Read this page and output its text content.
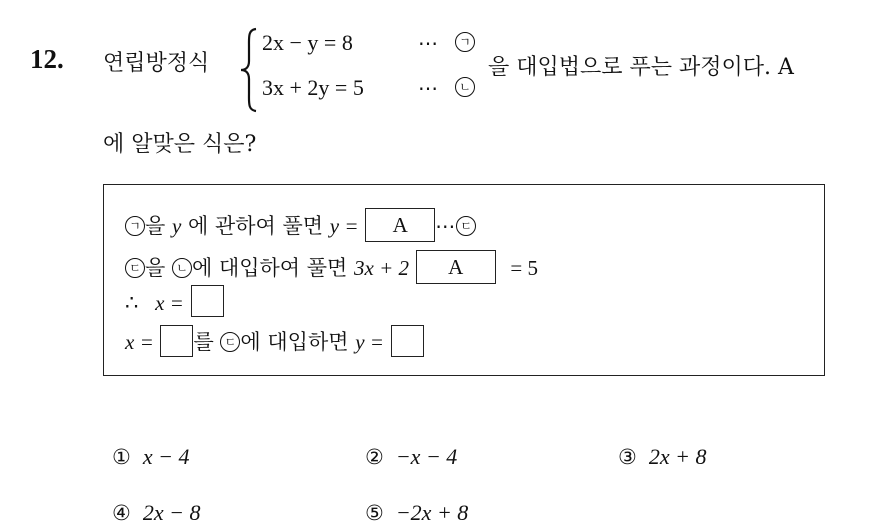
12. 연립방정식
2x − y = 8	⋯	ㄱ
3x + 2y = 5	⋯	ㄴ
을 대입법으로 푸는 과정이다. A
에 알맞은 식은?
ㄱ 을 y 에 관하여 풀면 y = A ⋯ ㄷ
ㄷ 을 ㄴ 에 대입하여 풀면 3x + 2 A = 5
∴ x =
x = 를 ㄷ 에 대입하면 y =
① x − 4	② −x − 4	③ 2x + 8
④ 2x − 8	⑤ −2x + 8
